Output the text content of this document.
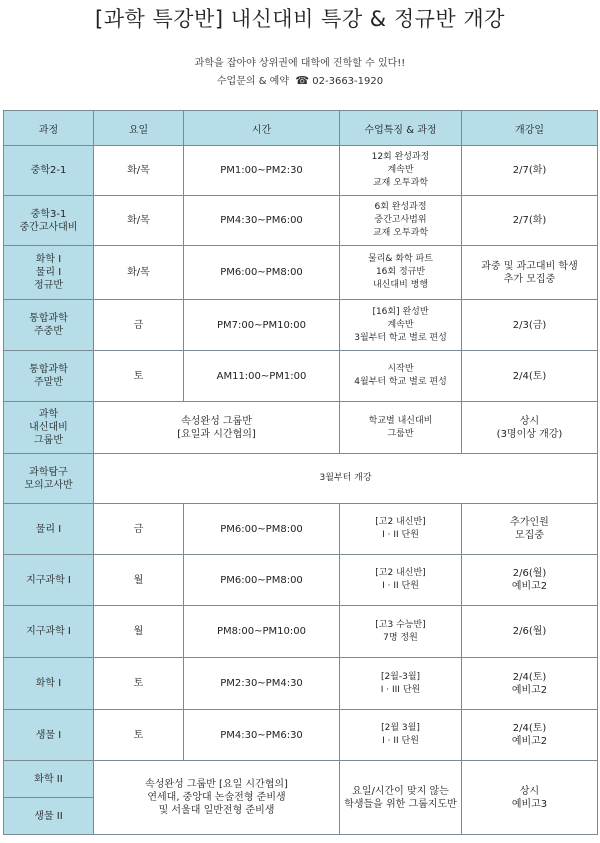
[과학 특강반] 내신대비 특강 & 정규반 개강
과학을 잡아야 상위권에 대학에 진학할 수 있다!!
수업문의 & 예약 ☎ 02-3663-1920
과정	요일	시간	수업특징 & 과정	개강일

중학2-1	화/목	PM1:00~PM2:30	12회 완성과정
계속반
교재 오투과학	2/7(화)

중학3-1
중간고사대비	화/목	PM4:30~PM6:00	6회 완성과정
중간고사범위
교재 오투과학	2/7(화)

화학 I
물리 I
정규반	화/목	PM6:00~PM8:00	물리& 화학 파트
16회 정규반
내신대비 병행	과중 및 과고대비 학생
추가 모집중

통합과학
주중반	금	PM7:00~PM10:00	[16회] 완성반
계속반
3월부터 학교 별로 편성	2/3(금)

통합과학
주말반	토	AM11:00~PM1:00	시작반
4월부터 학교 별로 편성	2/4(토)

과학
내신대비
그룹반	속성완성 그룹반
[요일과 시간협의]		학교별 내신대비
그룹반	상시
(3명이상 개강)

과학탐구
모의고사반	3월부터 개강			

물리 I	금	PM6:00~PM8:00	[고2 내신반]
I · II 단원	추가인원
모집중

지구과학 I	월	PM6:00~PM8:00	[고2 내신반]
I · II 단원	2/6(월)
예비고2

지구과학 I	월	PM8:00~PM10:00	[고3 수능반]
7명 정원	2/6(월)

화학 I	토	PM2:30~PM4:30	[2월-3월]
I · III 단원	2/4(토)
예비고2

생물 I	토	PM4:30~PM6:30	[2월 3월]
I · II 단원	2/4(토)
예비고2

화학 II	속성완성 그룹반 [요일 시간협의]
연세대, 중앙대 논술전형 준비생
및 서울대 일반전형 준비생		요일/시간이 맞지 않는
학생들을 위한 그룹지도반	상시
예비고3

생물 II				
